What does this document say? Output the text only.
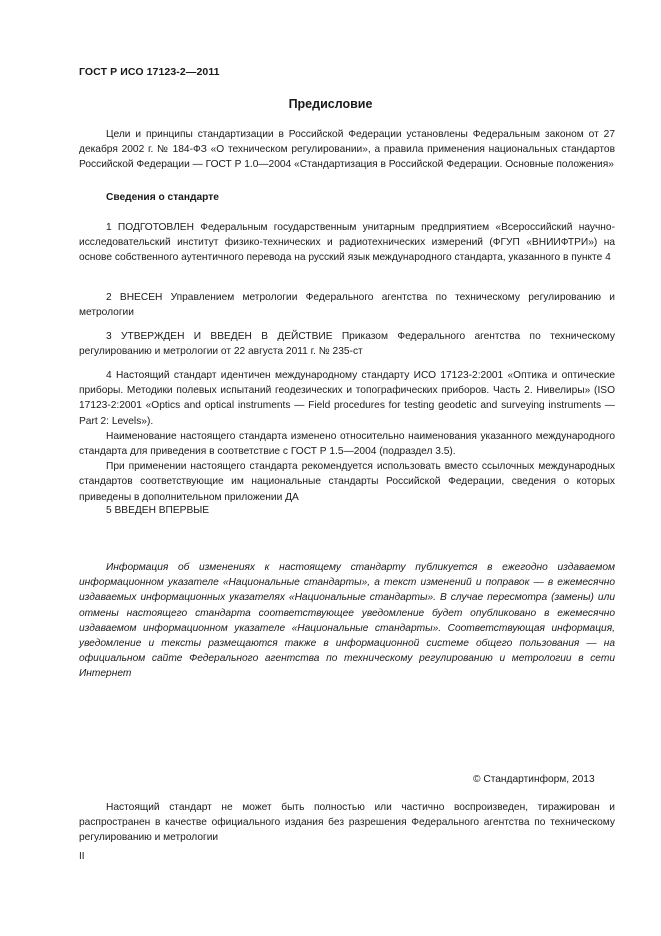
ГОСТ Р ИСО 17123-2—2011
Предисловие

Цели и принципы стандартизации в Российской Федерации установлены Федеральным законом от 27 декабря 2002 г. № 184-ФЗ «О техническом регулировании», а правила применения национальных стандартов Российской Федерации — ГОСТ Р 1.0—2004 «Стандартизация в Российской Федерации. Основные положения»

Сведения о стандарте

1 ПОДГОТОВЛЕН Федеральным государственным унитарным предприятием «Всероссийский научно-исследовательский институт физико-технических и радиотехнических измерений (ФГУП «ВНИИФТРИ») на основе собственного аутентичного перевода на русский язык международного стандарта, указанного в пункте 4

2 ВНЕСЕН Управлением метрологии Федерального агентства по техническому регулированию и метрологии

3 УТВЕРЖДЕН И ВВЕДЕН В ДЕЙСТВИЕ Приказом Федерального агентства по техническому регулированию и метрологии от 22 августа 2011 г. № 235-ст

4 Настоящий стандарт идентичен международному стандарту ИСО 17123-2:2001 «Оптика и оптические приборы. Методики полевых испытаний геодезических и топографических приборов. Часть 2. Нивелиры» (ISO 17123-2:2001 «Optics and optical instruments — Field procedures for testing geodetic and surveying instruments — Part 2: Levels»).

Наименование настоящего стандарта изменено относительно наименования указанного международного стандарта для приведения в соответствие с ГОСТ Р 1.5—2004 (подраздел 3.5).

При применении настоящего стандарта рекомендуется использовать вместо ссылочных международных стандартов соответствующие им национальные стандарты Российской Федерации, сведения о которых приведены в дополнительном приложении ДА

5 ВВЕДЕН ВПЕРВЫЕ

Информация об изменениях к настоящему стандарту публикуется в ежегодно издаваемом информационном указателе «Национальные стандарты», а текст изменений и поправок — в ежемесячно издаваемых информационных указателях «Национальные стандарты». В случае пересмотра (замены) или отмены настоящего стандарта соответствующее уведомление будет опубликовано в ежемесячно издаваемом информационном указателе «Национальные стандарты». Соответствующая информация, уведомление и тексты размещаются также в информационной системе общего пользования — на официальном сайте Федерального агентства по техническому регулированию и метрологии в сети Интернет

© Стандартинформ, 2013

Настоящий стандарт не может быть полностью или частично воспроизведен, тиражирован и распространен в качестве официального издания без разрешения Федерального агентства по техническому регулированию и метрологии

II
